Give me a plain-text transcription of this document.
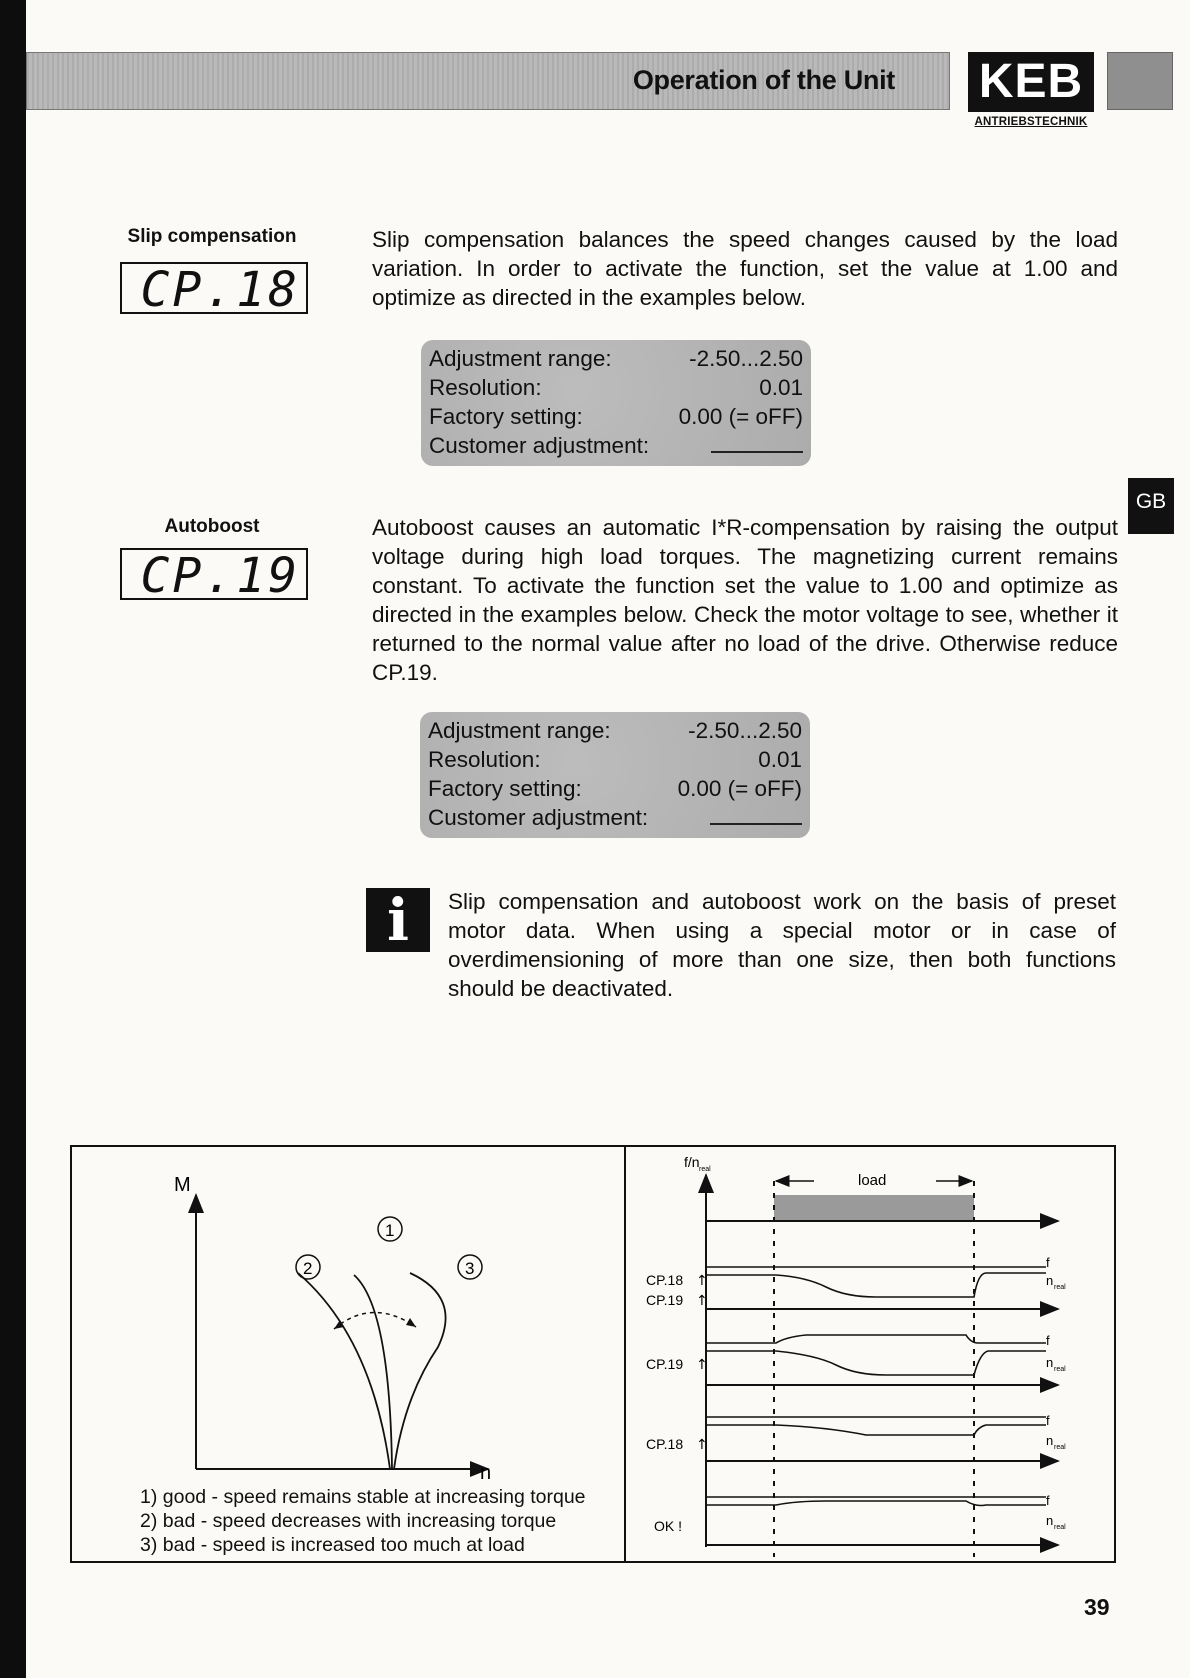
Operation of the Unit KEB
ANTRIEBSTECHNIK
GB
Slip compensation
CP.18
Slip compensation balances the speed changes caused by the load variation. In order to activate the function, set the value at 1.00 and optimize as directed in the examples below.
Adjustment range:	-2.50...2.50
Resolution:	0.01
Factory setting:	0.00 (= oFF)
Customer adjustment:
Autoboost
CP.19
Autoboost causes an automatic I*R-compensation by raising the output voltage during high load torques. The magnetizing current remains constant. To activate the function set the value to 1.00 and optimize as directed in the examples below. Check the motor voltage to see, whether it returned to the normal value after no load of the drive. Otherwise reduce CP.19.
Adjustment range:	-2.50...2.50
Resolution:	0.01
Factory setting:	0.00 (= oFF)
Customer adjustment:
i	Slip compensation and autoboost work on the basis of preset motor data. When using a special motor or in case of overdimensioning of more than one size, then both functions should be deactivated.
M
n
1
2	3
1) good - speed remains stable at increasing torque
2) bad - speed decreases with increasing torque
3) bad - speed is increased too much at load
f/n real
load
CP.18
CP.19
CP.19
CP.18
OK !
f
n real
f
n real
f
n real
f
n real
↑
↑
↑
↑
39
